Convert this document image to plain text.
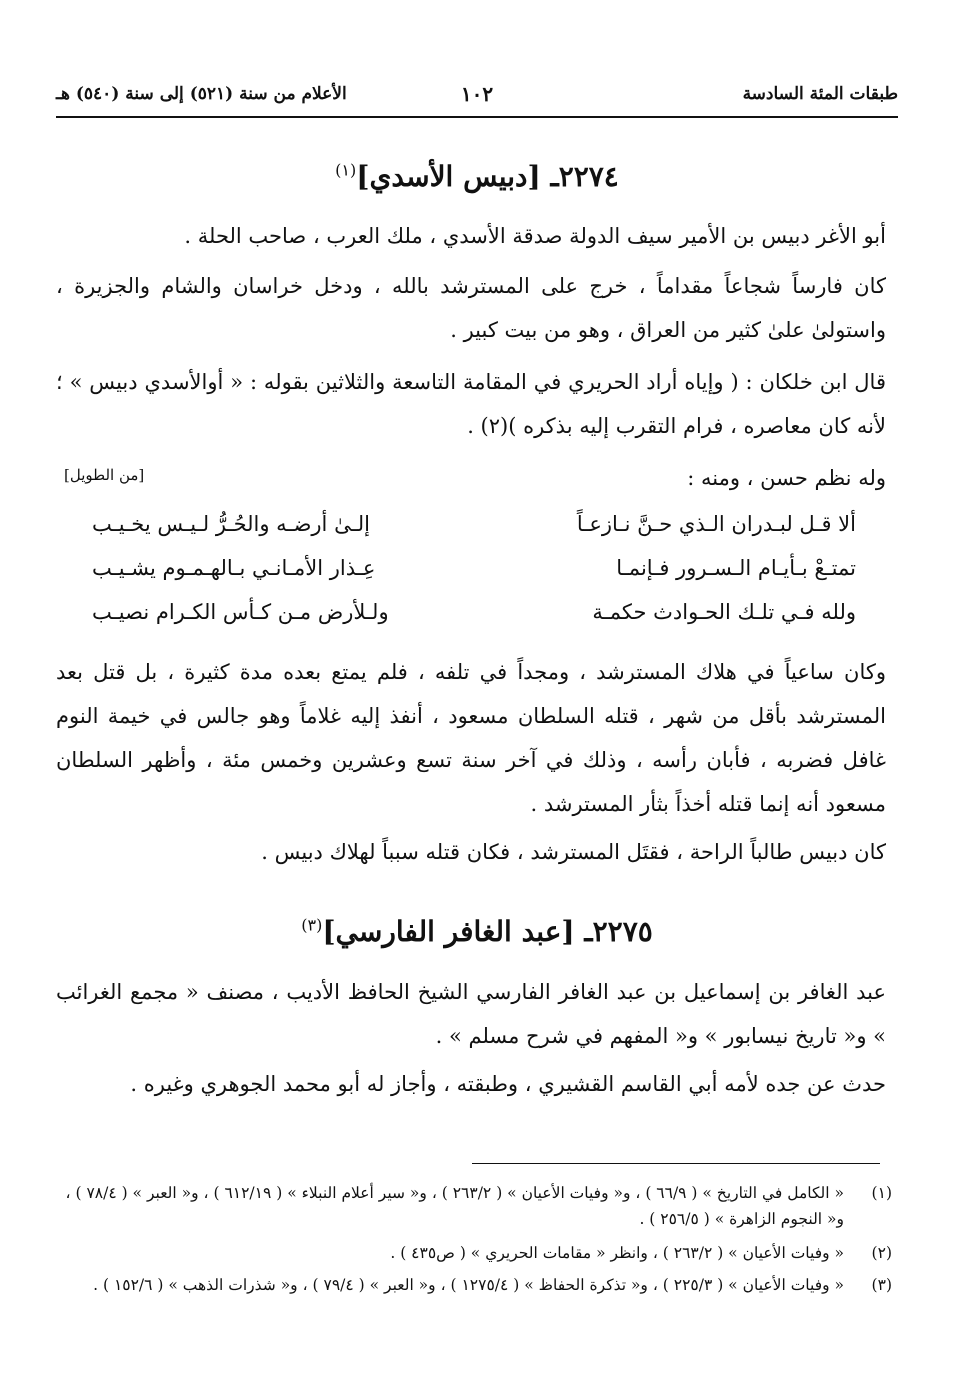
طبقات المئة السادسة
١٠٢
الأعلام من سنة (٥٢١) إلى سنة (٥٤٠) هـ
٢٢٧٤ـ [دبيس الأسدي]$^{(١)}$
أبو الأغر دبيس بن الأمير سيف الدولة صدقة الأسدي ، ملك العرب ، صاحب الحلة .
كان فارساً شجاعاً مقداماً ، خرج على المسترشد بالله ، ودخل خراسان والشام والجزيرة ، واستولىٰ علىٰ كثير من العراق ، وهو من بيت كبير .
قال ابن خلكان : ( وإياه أراد الحريري في المقامة التاسعة والثلاثين بقوله : « أوالأسدي دبيس » ؛ لأنه كان معاصره ، فرام التقرب إليه بذكره )(٢) .
وله نظم حسن ، ومنه :
[من الطويل]
ألا قـل لبـدران الـذي حـنَّ نـازعـاً
إلـىٰ أرضـه والحُـرُّ لـيـس يخـيـب
تمتـعْ بـأيـام الـسـرور فـإنمـا
عِـذار الأمـانـي بـالهـمـوم يشـيـب
ولله فـي تلـك الحـوادث حكمـة
ولـلأرض مـن كـأس الكـرام نصيـب
وكان ساعياً في هلاك المسترشد ، ومجداً في تلفه ، فلم يمتع بعده مدة كثيرة ، بل قتل بعد المسترشد بأقل من شهر ، قتله السلطان مسعود ، أنفذ إليه غلاماً وهو جالس في خيمة النوم غافل فضربه ، فأبان رأسه ، وذلك في آخر سنة تسع وعشرين وخمس مئة ، وأظهر السلطان مسعود أنه إنما قتله أخذاً بثأر المسترشد .
كان دبيس طالباً الراحة ، فقتَل المسترشد ، فكان قتله سبباً لهلاك دبيس .
٢٢٧٥ـ [عبد الغافر الفارسي]$^{(٣)}$
عبد الغافر بن إسماعيل بن عبد الغافر الفارسي الشيخ الحافظ الأديب ، مصنف « مجمع الغرائب » و« تاريخ نيسابور » و« المفهم في شرح مسلم » .
حدث عن جده لأمه أبي القاسم القشيري ، وطبقته ، وأجاز له أبو محمد الجوهري وغيره .
(١)
« الكامل في التاريخ » ( ٦٦/٩ ) ، و« وفيات الأعيان » ( ٢٦٣/٢ ) ، و« سير أعلام النبلاء » ( ٦١٢/١٩ ) ، و« العبر » ( ٧٨/٤ ) ، و« النجوم الزاهرة » ( ٢٥٦/٥ ) .
(٢)
« وفيات الأعيان » ( ٢٦٣/٢ ) ، وانظر « مقامات الحريري » ( ص٤٣٥ ) .
(٣)
« وفيات الأعيان » ( ٢٢٥/٣ ) ، و« تذكرة الحفاظ » ( ١٢٧٥/٤ ) ، و« العبر » ( ٧٩/٤ ) ، و« شذرات الذهب » ( ١٥٢/٦ ) .
